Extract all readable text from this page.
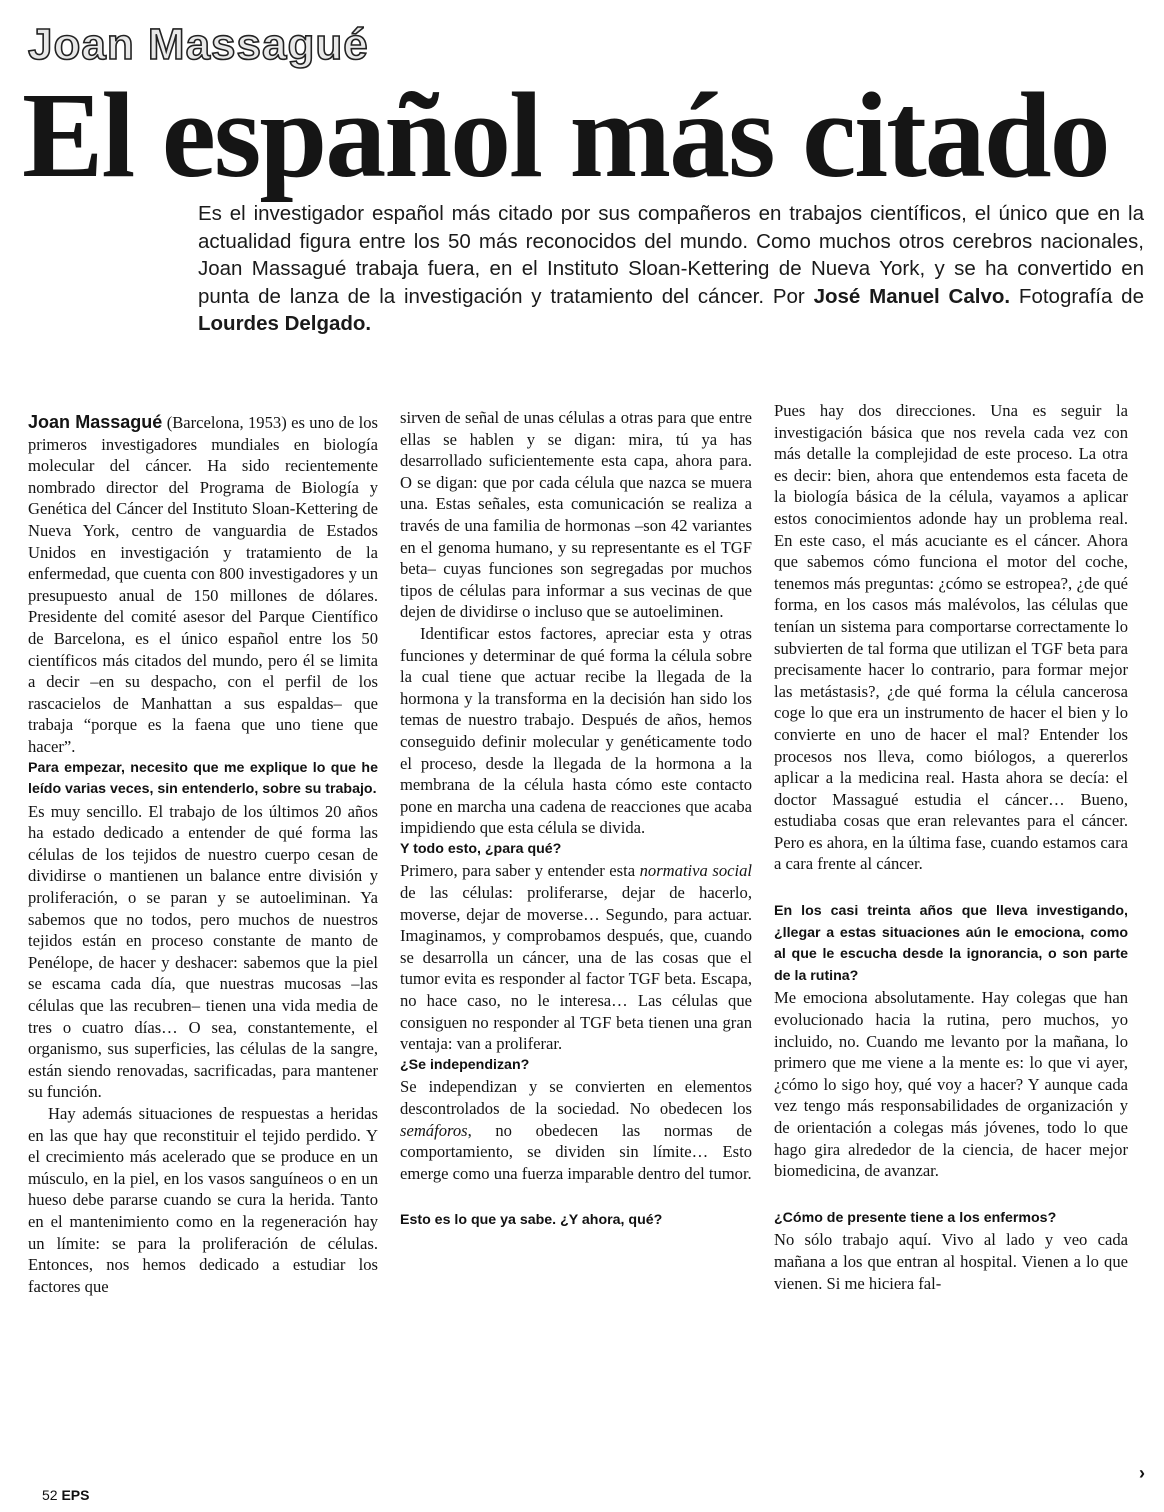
Joan Massagué
El español más citado
Es el investigador español más citado por sus compañeros en trabajos científicos, el único que en la actualidad figura entre los 50 más reconocidos del mundo. Como muchos otros cerebros nacionales, Joan Massagué trabaja fuera, en el Instituto Sloan-Kettering de Nueva York, y se ha convertido en punta de lanza de la investigación y tratamiento del cáncer. Por José Manuel Calvo. Fotografía de Lourdes Delgado.

Joan Massagué (Barcelona, 1953) es uno de los primeros investigadores mundiales en biología molecular del cáncer. Ha sido recientemente nombrado director del Programa de Biología y Genética del Cáncer del Instituto Sloan-Kettering de Nueva York, centro de vanguardia de Estados Unidos en investigación y tratamiento de la enfermedad, que cuenta con 800 investigadores y un presupuesto anual de 150 millones de dólares. Presidente del comité asesor del Parque Científico de Barcelona, es el único español entre los 50 científicos más citados del mundo, pero él se limita a decir –en su despacho, con el perfil de los rascacielos de Manhattan a sus espaldas– que trabaja “porque es la faena que uno tiene que hacer”.

Para empezar, necesito que me explique lo que he leído varias veces, sin entenderlo, sobre su trabajo.

Es muy sencillo. El trabajo de los últimos 20 años ha estado dedicado a entender de qué forma las células de los tejidos de nuestro cuerpo cesan de dividirse o mantienen un balance entre división y proliferación, o se paran y se autoeliminan. Ya sabemos que no todos, pero muchos de nuestros tejidos están en proceso constante de manto de Penélope, de hacer y deshacer: sabemos que la piel se escama cada día, que nuestras mucosas –las células que las recubren– tienen una vida media de tres o cuatro días… O sea, constantemente, el organismo, sus superficies, las células de la sangre, están siendo renovadas, sacrificadas, para mantener su función.

Hay además situaciones de respuestas a heridas en las que hay que reconstituir el tejido perdido. Y el crecimiento más acelerado que se produce en un músculo, en la piel, en los vasos sanguíneos o en un hueso debe pararse cuando se cura la herida. Tanto en el mantenimiento como en la regeneración hay un límite: se para la proliferación de células. Entonces, nos hemos dedicado a estudiar los factores que

sirven de señal de unas células a otras para que entre ellas se hablen y se digan: mira, tú ya has desarrollado suficientemente esta capa, ahora para. O se digan: que por cada célula que nazca se muera una. Estas señales, esta comunicación se realiza a través de una familia de hormonas –son 42 variantes en el genoma humano, y su representante es el TGF beta– cuyas funciones son segregadas por muchos tipos de células para informar a sus vecinas de que dejen de dividirse o incluso que se autoeliminen.

Identificar estos factores, apreciar esta y otras funciones y determinar de qué forma la célula sobre la cual tiene que actuar recibe la llegada de la hormona y la transforma en la decisión han sido los temas de nuestro trabajo. Después de años, hemos conseguido definir molecular y genéticamente todo el proceso, desde la llegada de la hormona a la membrana de la célula hasta cómo este contacto pone en marcha una cadena de reacciones que acaba impidiendo que esta célula se divida.

Y todo esto, ¿para qué?

Primero, para saber y entender esta normativa social de las células: proliferarse, dejar de hacerlo, moverse, dejar de moverse… Segundo, para actuar. Imaginamos, y comprobamos después, que, cuando se desarrolla un cáncer, una de las cosas que el tumor evita es responder al factor TGF beta. Escapa, no hace caso, no le interesa… Las células que consiguen no responder al TGF beta tienen una gran ventaja: van a proliferar.

¿Se independizan?

Se independizan y se convierten en elementos descontrolados de la sociedad. No obedecen los semáforos, no obedecen las normas de comportamiento, se dividen sin límite… Esto emerge como una fuerza imparable dentro del tumor.

Esto es lo que ya sabe. ¿Y ahora, qué?

Pues hay dos direcciones. Una es seguir la investigación básica que nos revela cada vez con más detalle la complejidad de este proceso. La otra es decir: bien, ahora que entendemos esta faceta de la biología básica de la célula, vayamos a aplicar estos conocimientos adonde hay un problema real. En este caso, el más acuciante es el cáncer. Ahora que sabemos cómo funciona el motor del coche, tenemos más preguntas: ¿cómo se estropea?, ¿de qué forma, en los casos más malévolos, las células que tenían un sistema para comportarse correctamente lo subvierten de tal forma que utilizan el TGF beta para precisamente hacer lo contrario, para formar mejor las metástasis?, ¿de qué forma la célula cancerosa coge lo que era un instrumento de hacer el bien y lo convierte en uno de hacer el mal? Entender los procesos nos lleva, como biólogos, a quererlos aplicar a la medicina real. Hasta ahora se decía: el doctor Massagué estudia el cáncer… Bueno, estudiaba cosas que eran relevantes para el cáncer. Pero es ahora, en la última fase, cuando estamos cara a cara frente al cáncer.

En los casi treinta años que lleva investigando, ¿llegar a estas situaciones aún le emociona, como al que le escucha desde la ignorancia, o son parte de la rutina?

Me emociona absolutamente. Hay colegas que han evolucionado hacia la rutina, pero muchos, yo incluido, no. Cuando me levanto por la mañana, lo primero que me viene a la mente es: lo que vi ayer, ¿cómo lo sigo hoy, qué voy a hacer? Y aunque cada vez tengo más responsabilidades de organización y de orientación a colegas más jóvenes, todo lo que hago gira alrededor de la ciencia, de hacer mejor biomedicina, de avanzar.

¿Cómo de presente tiene a los enfermos?

No sólo trabajo aquí. Vivo al lado y veo cada mañana a los que entran al hospital. Vienen a lo que vienen. Si me hiciera fal-

›
52 EPS
